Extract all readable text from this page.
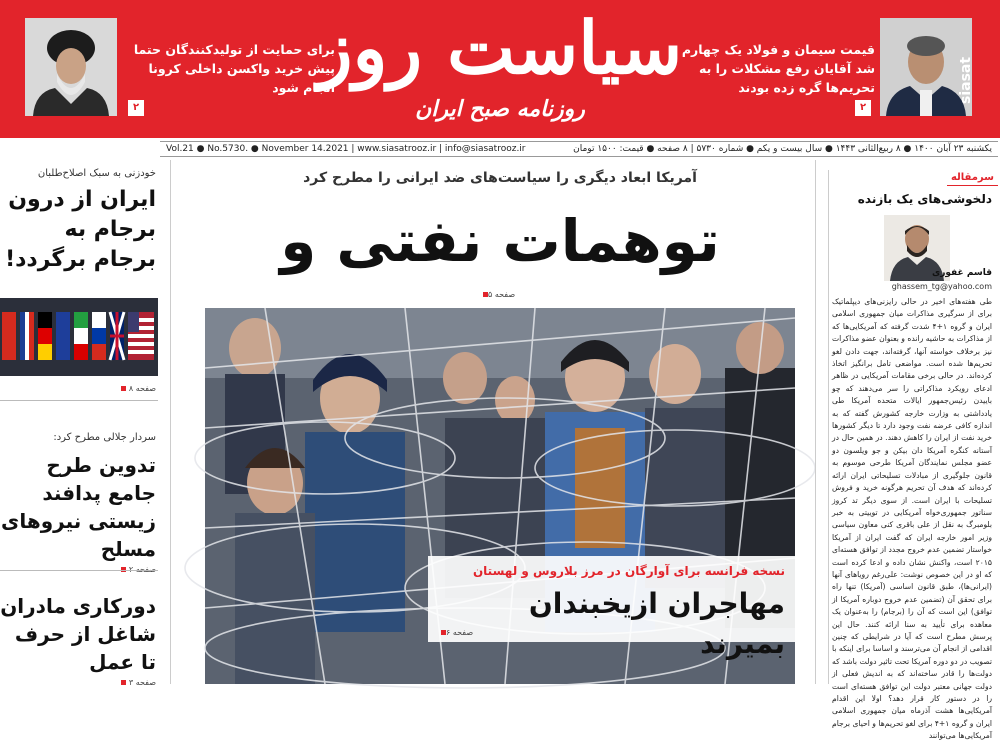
برای حمایت از تولیدکنندگان حتما پیش خرید واکسن داخلی کرونا انجام شود
۲
سیاست روز
روزنامه صبح ایران
قیمت سیمان و فولاد یک چهارم شد آقایان رفع مشکلات را به تحریم‌ها گره زده بودند
۲
siasat
Vol.21 ● No.5730. ● November 14.2021 | www.siasatrooz.ir | info@siasatrooz.ir	یکشنبه ۲۳ آبان ۱۴۰۰ ● ۸ ربیع‌الثانی ۱۴۴۳ ● سال بیست و یکم ● شماره ۵۷۳۰ | ۸ صفحه ● قیمت: ۱۵۰۰ تومان
خودزنی به سبک اصلاح‌طلبان
ایران از درون برجام به برجام برگردد!
صفحه ۸
سردار جلالی مطرح کرد:
تدوین طرح جامع پدافند زیستی نیروهای مسلح
دورکاری مادران شاغل از حرف تا عمل
صفحه ۳
آمریکا ابعاد دیگری را سیاست‌های ضد ایرانی را مطرح کرد
توهمات نفتی و
صفحه ۵
نسخه فرانسه برای آوارگان در مرز بلاروس و لهستان
مهاجران ازیخبندان بمیرند
صفحه ۶
سرمقاله
دلخوشی‌های یک بازنده
قاسم غفوری
ghassem_tg@yahoo.com
طی هفته‌های اخیر در حالی رایزنی‌های دیپلماتیک برای از سرگیری مذاکرات میان جمهوری اسلامی ایران و گروه ۱+۴ شدت گرفته که آمریکایی‌ها که از مذاکرات به حاشیه رانده و بعنوان عضو مذاکرات نیز برخلاف خواسته آنها، گرفته‌اند، جهت دادن لغو تحریم‌ها شده است. مواضعی تامل برانگیز اتخاذ کرده‌اند. در حالی برخی مقامات آمریکایی در ظاهر ادعای رویکرد مذاکراتی را سر می‌دهند که چو باییدن رئیس‌جمهور ایالات متحده آمریکا طی یادداشتی به وزارت خارجه کشورش گفته که به اندازه کافی عرضه نفت وجود دارد تا دیگر کشورها خرید نفت از ایران را کاهش دهند. در همین حال در آستانه کنگره آمریکا دان بیکن و جو ویلسون دو عضو مجلس نمایندگان آمریکا طرحی موسوم به قانون جلوگیری از مبادلات تسلیحاتی ایران ارائه کرده‌اند که هدف آن تحریم هرگونه خرید و فروش تسلیحات با ایران است. از سوی دیگر تد کروز سناتور جمهوری‌خواه آمریکایی در توییتی به خبر بلومبرگ به نقل از علی باقری کنی معاون سیاسی وزیر امور خارجه ایران که گفت ایران از آمریکا خواستار تضمین عدم خروج مجدد از توافق هسته‌ای ۲۰۱۵ است، واکنش نشان داده و ادعا کرده است که او در این خصوص نوشت: علی‌رغم رویاهای آنها (ایرانی‌ها)، طبق قانون اساسی (آمریکا) تنها راه برای تحقق آن (تضمین عدم خروج دوباره آمریکا از توافق) این است که آن را (برجام) را به‌عنوان یک معاهده برای تأیید به سنا ارائه کنند. حال این پرسش مطرح است که آیا در شرایطی که چنین اقدامی از انجام آن می‌ترسند و اساسا برای اینکه با تصویب در دو دوره آمریکا تحت تاثیر دولت باشد که دولت‌ها را قادر ساخته‌اند که به اندیش فعلی از دولت جهانی معتبر دولت این توافق هسته‌ای است را در دستور کار قرار دهد؟ اولا این اقدام آمریکایی‌ها هشت آذرماه میان جمهوری اسلامی ایران و گروه ۱+۴ برای لغو تحریم‌ها و احیای برجام آمریکایی‌ها می‌توانند
